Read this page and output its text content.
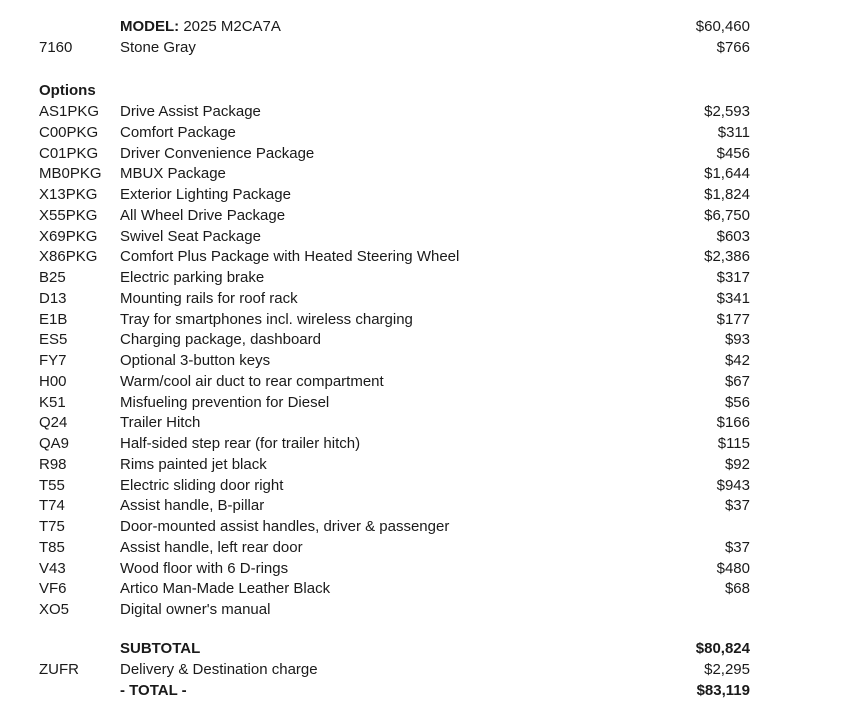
MODEL: 2025 M2CA7A	$60,460
7160	Stone Gray	$766
Options
AS1PKG Drive Assist Package	$2,593
C00PKG Comfort Package	$311
C01PKG Driver Convenience Package	$456
MB0PKG MBUX Package	$1,644
X13PKG Exterior Lighting Package	$1,824
X55PKG All Wheel Drive Package	$6,750
X69PKG Swivel Seat Package	$603
X86PKG Comfort Plus Package with Heated Steering Wheel	$2,386
B25	Electric parking brake	$317
D13	Mounting rails for roof rack	$341
E1B	Tray for smartphones incl. wireless charging	$177
ES5	Charging package, dashboard	$93
FY7	Optional 3-button keys	$42
H00	Warm/cool air duct to rear compartment	$67
K51	Misfueling prevention for Diesel	$56
Q24	Trailer Hitch	$166
QA9	Half-sided step rear (for trailer hitch)	$115
R98	Rims painted jet black	$92
T55	Electric sliding door right	$943
T74	Assist handle, B-pillar	$37
T75	Door-mounted assist handles, driver & passenger
T85	Assist handle, left rear door	$37
V43	Wood floor with 6 D-rings	$480
VF6	Artico Man-Made Leather Black	$68
XO5	Digital owner's manual
SUBTOTAL	$80,824
ZUFR	Delivery & Destination charge	$2,295
- TOTAL -	$83,119
